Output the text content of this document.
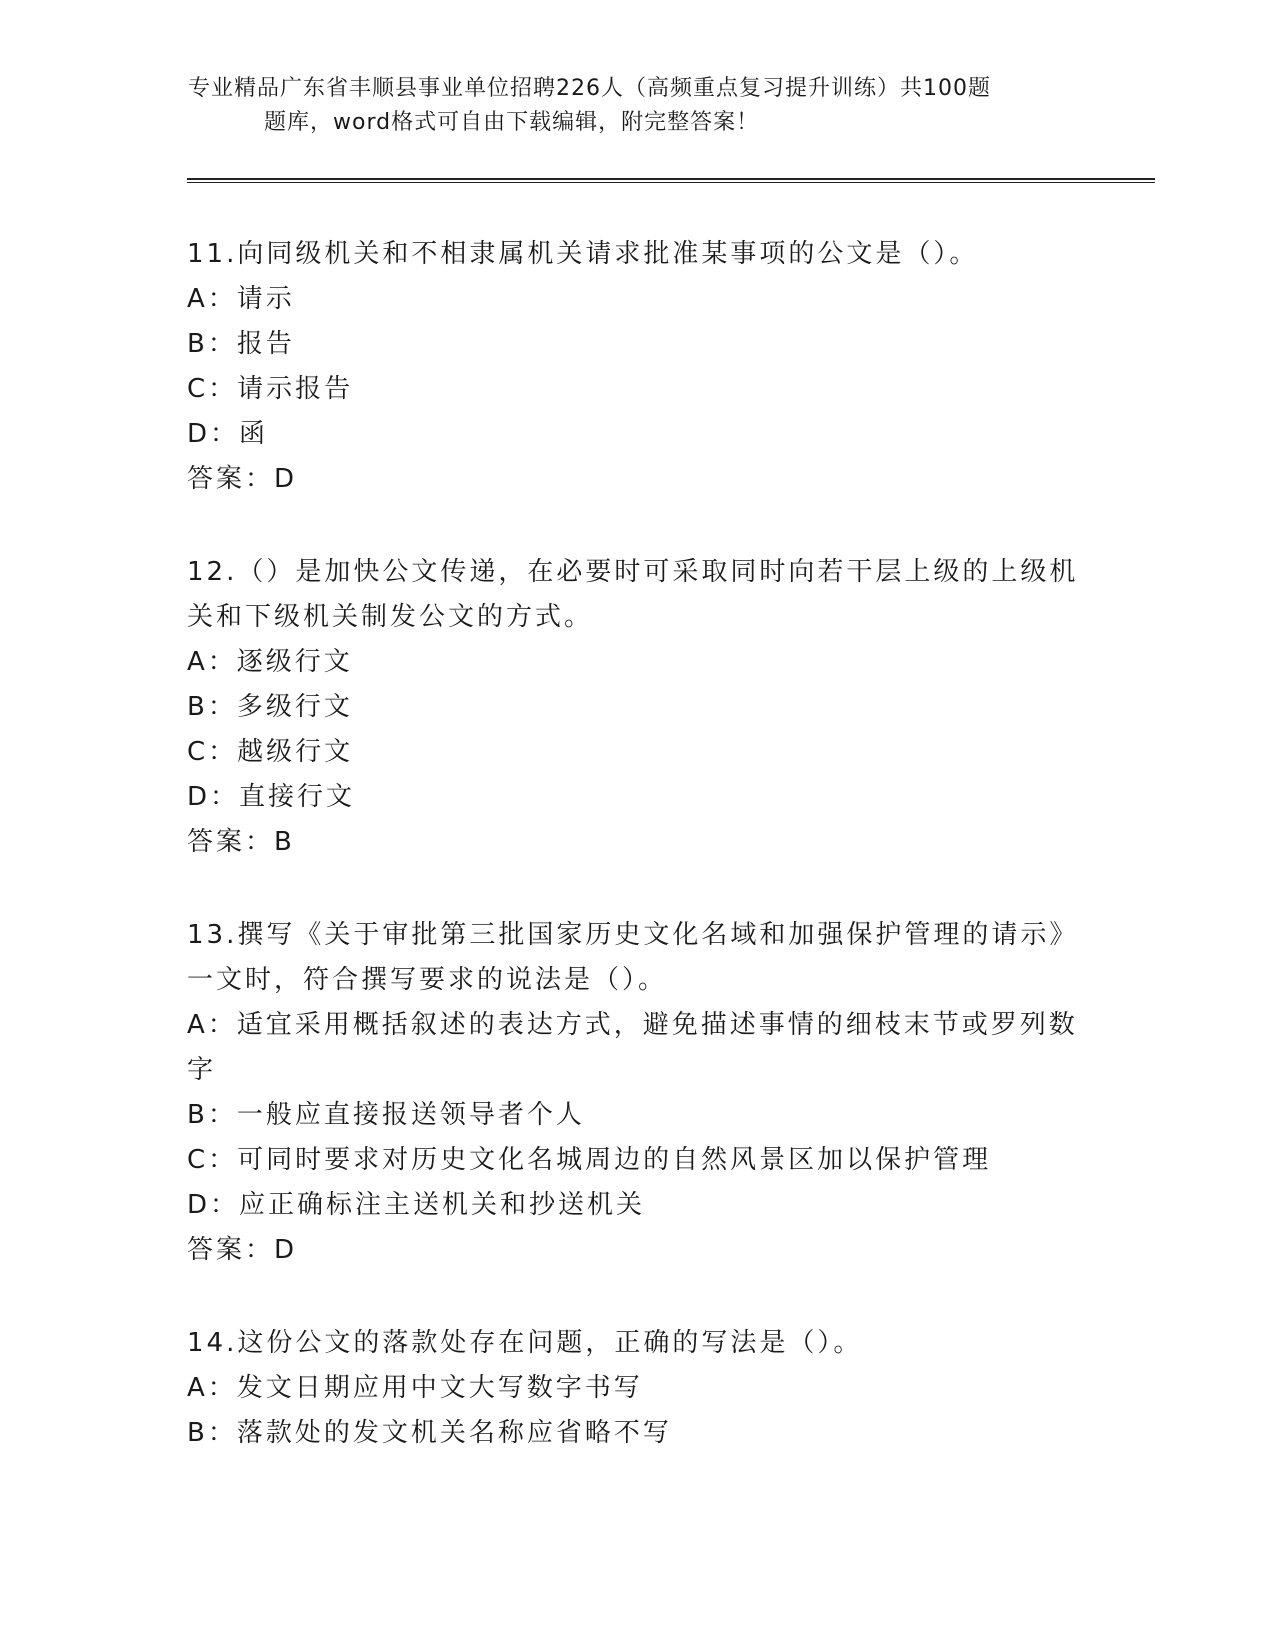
专业精品广东省丰顺县事业单位招聘226人（高频重点复习提升训练）共100题
题库，word格式可自由下载编辑，附完整答案！
11.向同级机关和不相隶属机关请求批准某事项的公文是（）。
A：请示
B：报告
C：请示报告
D：函
答案：D
12.（）是加快公文传递，在必要时可采取同时向若干层上级的上级机关和下级机关制发公文的方式。
A：逐级行文
B：多级行文
C：越级行文
D：直接行文
答案：B
13.撰写《关于审批第三批国家历史文化名域和加强保护管理的请示》一文时，符合撰写要求的说法是（）。
A：适宜采用概括叙述的表达方式，避免描述事情的细枝末节或罗列数字
B：一般应直接报送领导者个人
C：可同时要求对历史文化名城周边的自然风景区加以保护管理
D：应正确标注主送机关和抄送机关
答案：D
14.这份公文的落款处存在问题，正确的写法是（）。
A：发文日期应用中文大写数字书写
B：落款处的发文机关名称应省略不写
